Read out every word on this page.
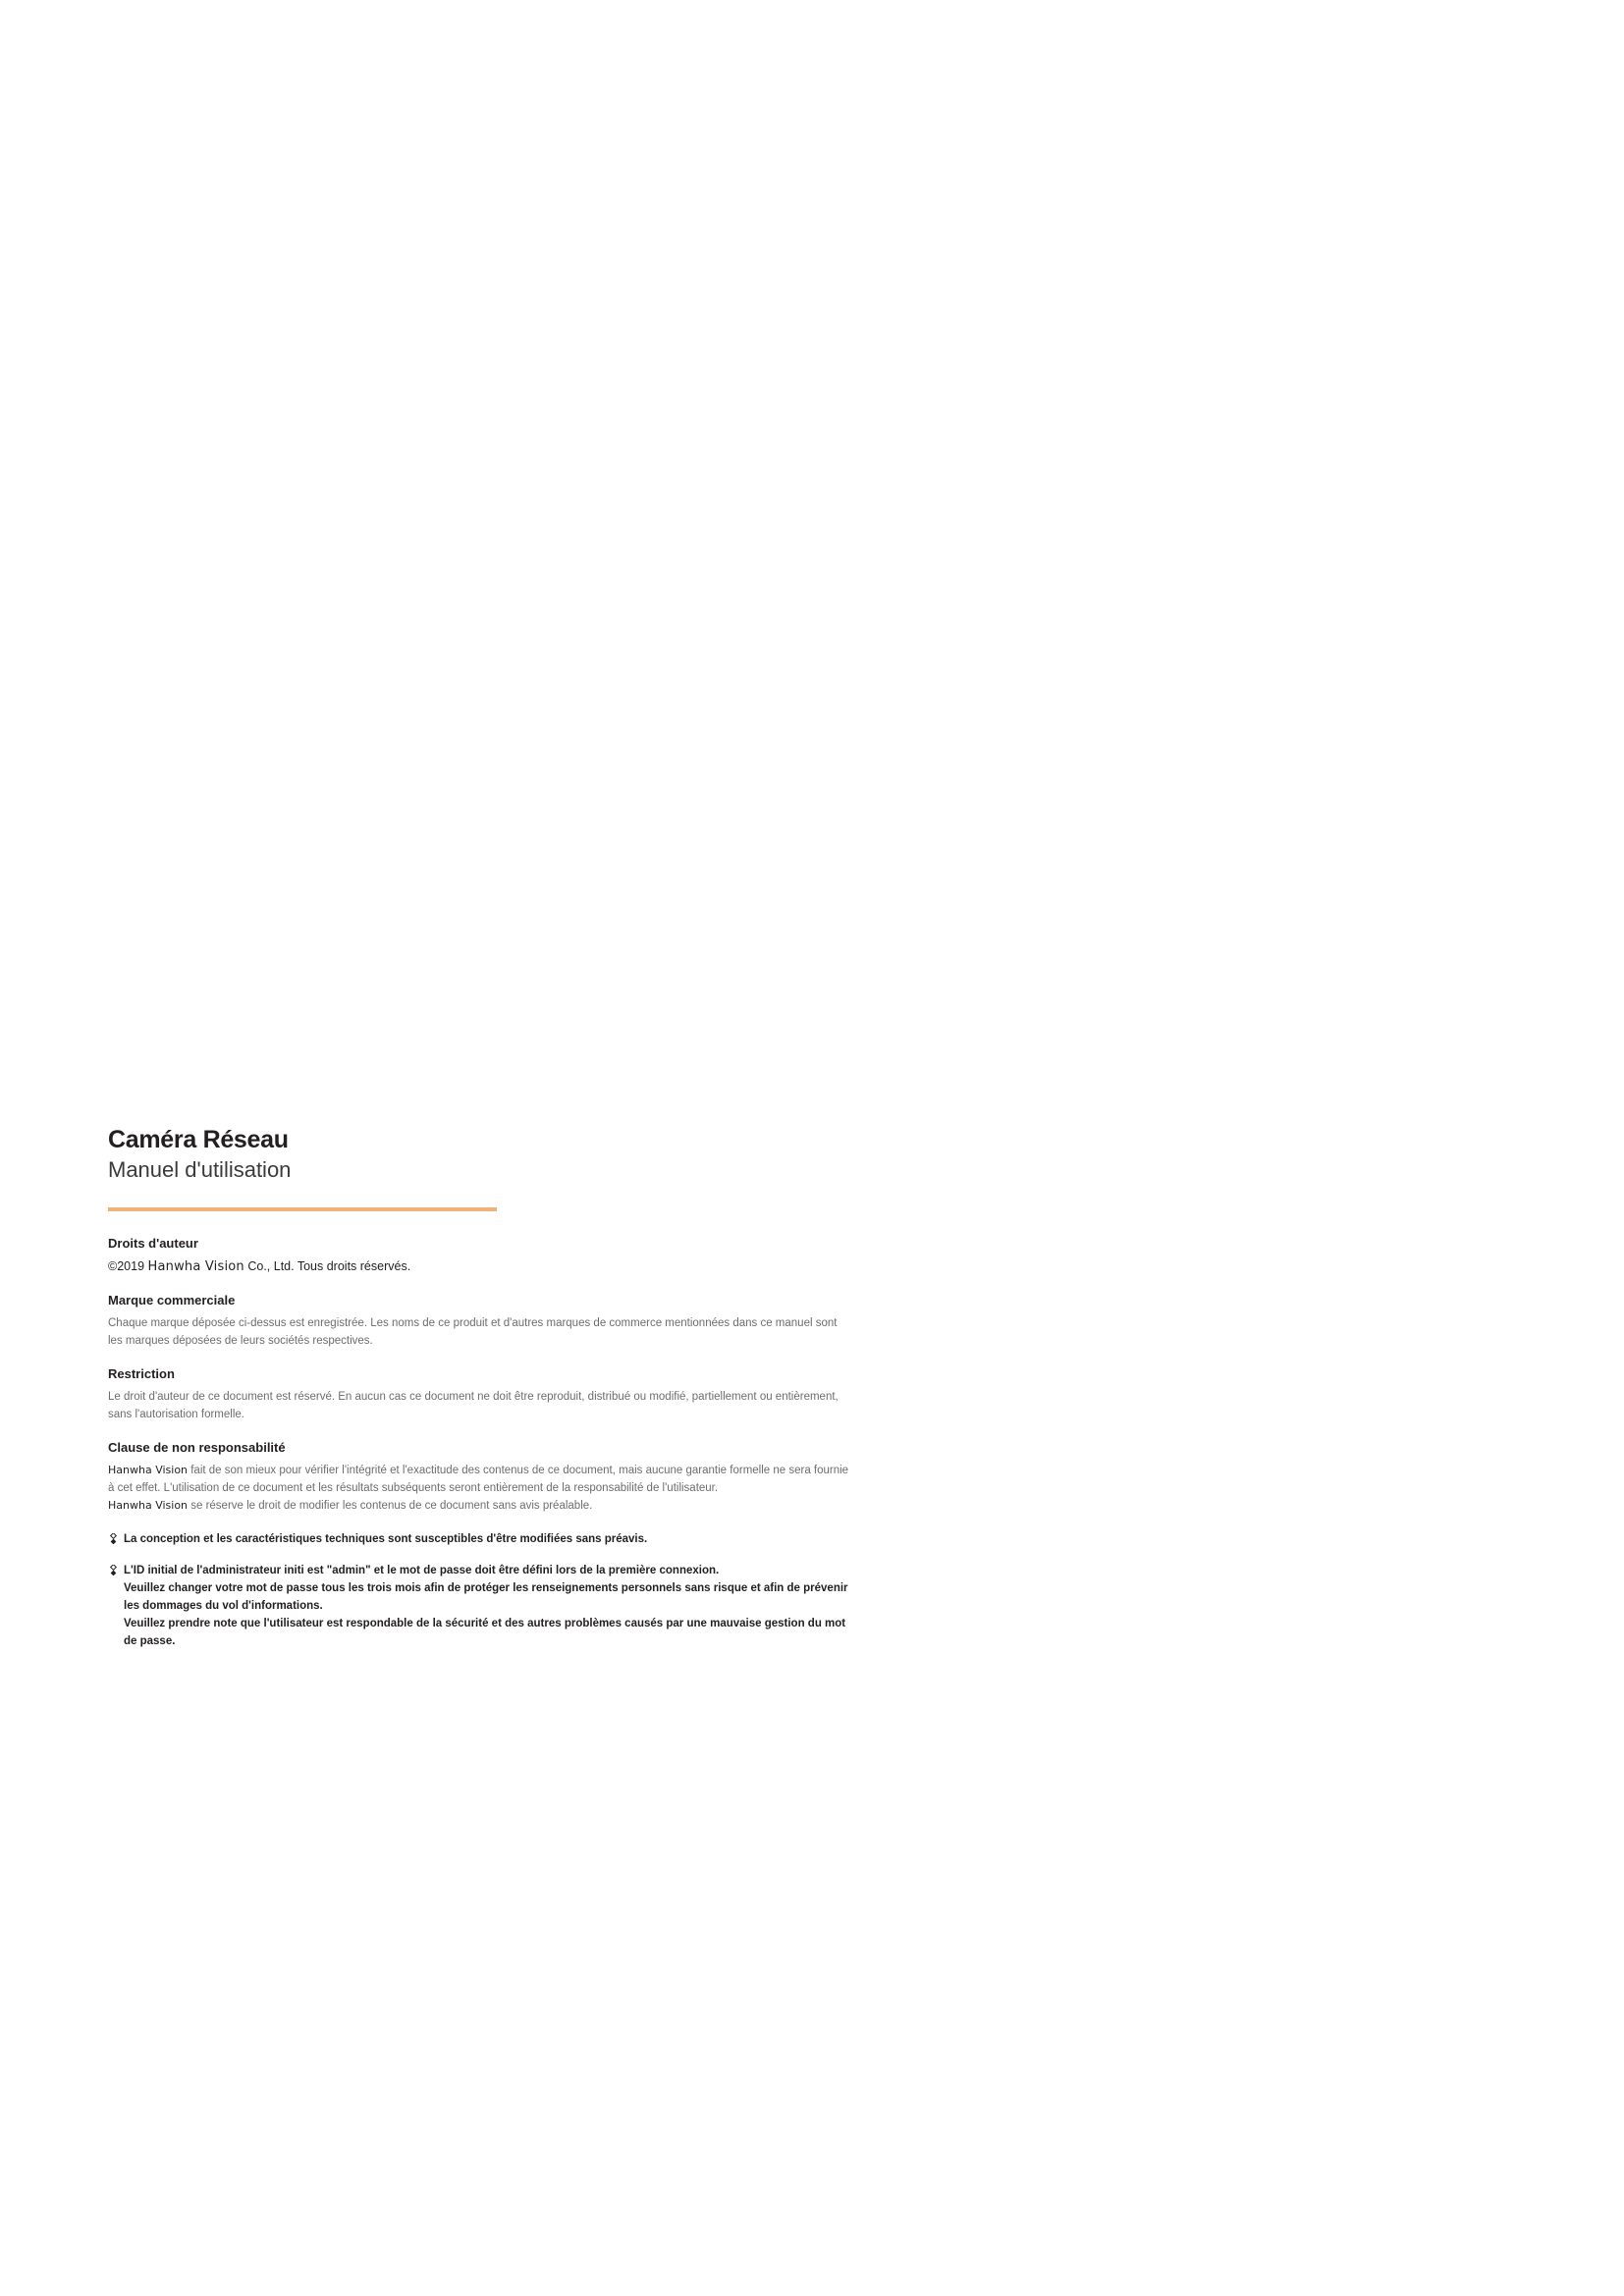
Caméra Réseau
Manuel d'utilisation
Droits d'auteur

©2019 Hanwha Vision Co., Ltd. Tous droits réservés.

Marque commerciale

Chaque marque déposée ci-dessus est enregistrée. Les noms de ce produit et d'autres marques de commerce mentionnées dans ce manuel sont les marques déposées de leurs sociétés respectives.

Restriction

Le droit d'auteur de ce document est réservé. En aucun cas ce document ne doit être reproduit, distribué ou modifié, partiellement ou entièrement, sans l'autorisation formelle.

Clause de non responsabilité

Hanwha Vision fait de son mieux pour vérifier l'intégrité et l'exactitude des contenus de ce document, mais aucune garantie formelle ne sera fournie à cet effet. L'utilisation de ce document et les résultats subséquents seront entièrement de la responsabilité de l'utilisateur.
Hanwha Vision se réserve le droit de modifier les contenus de ce document sans avis préalable.

La conception et les caractéristiques techniques sont susceptibles d'être modifiées sans préavis.
L'ID initial de l'administrateur initi est "admin" et le mot de passe doit être défini lors de la première connexion.
Veuillez changer votre mot de passe tous les trois mois afin de protéger les renseignements personnels sans risque et afin de prévenir les dommages du vol d'informations.
Veuillez prendre note que l'utilisateur est respondable de la sécurité et des autres problèmes causés par une mauvaise gestion du mot de passe.
